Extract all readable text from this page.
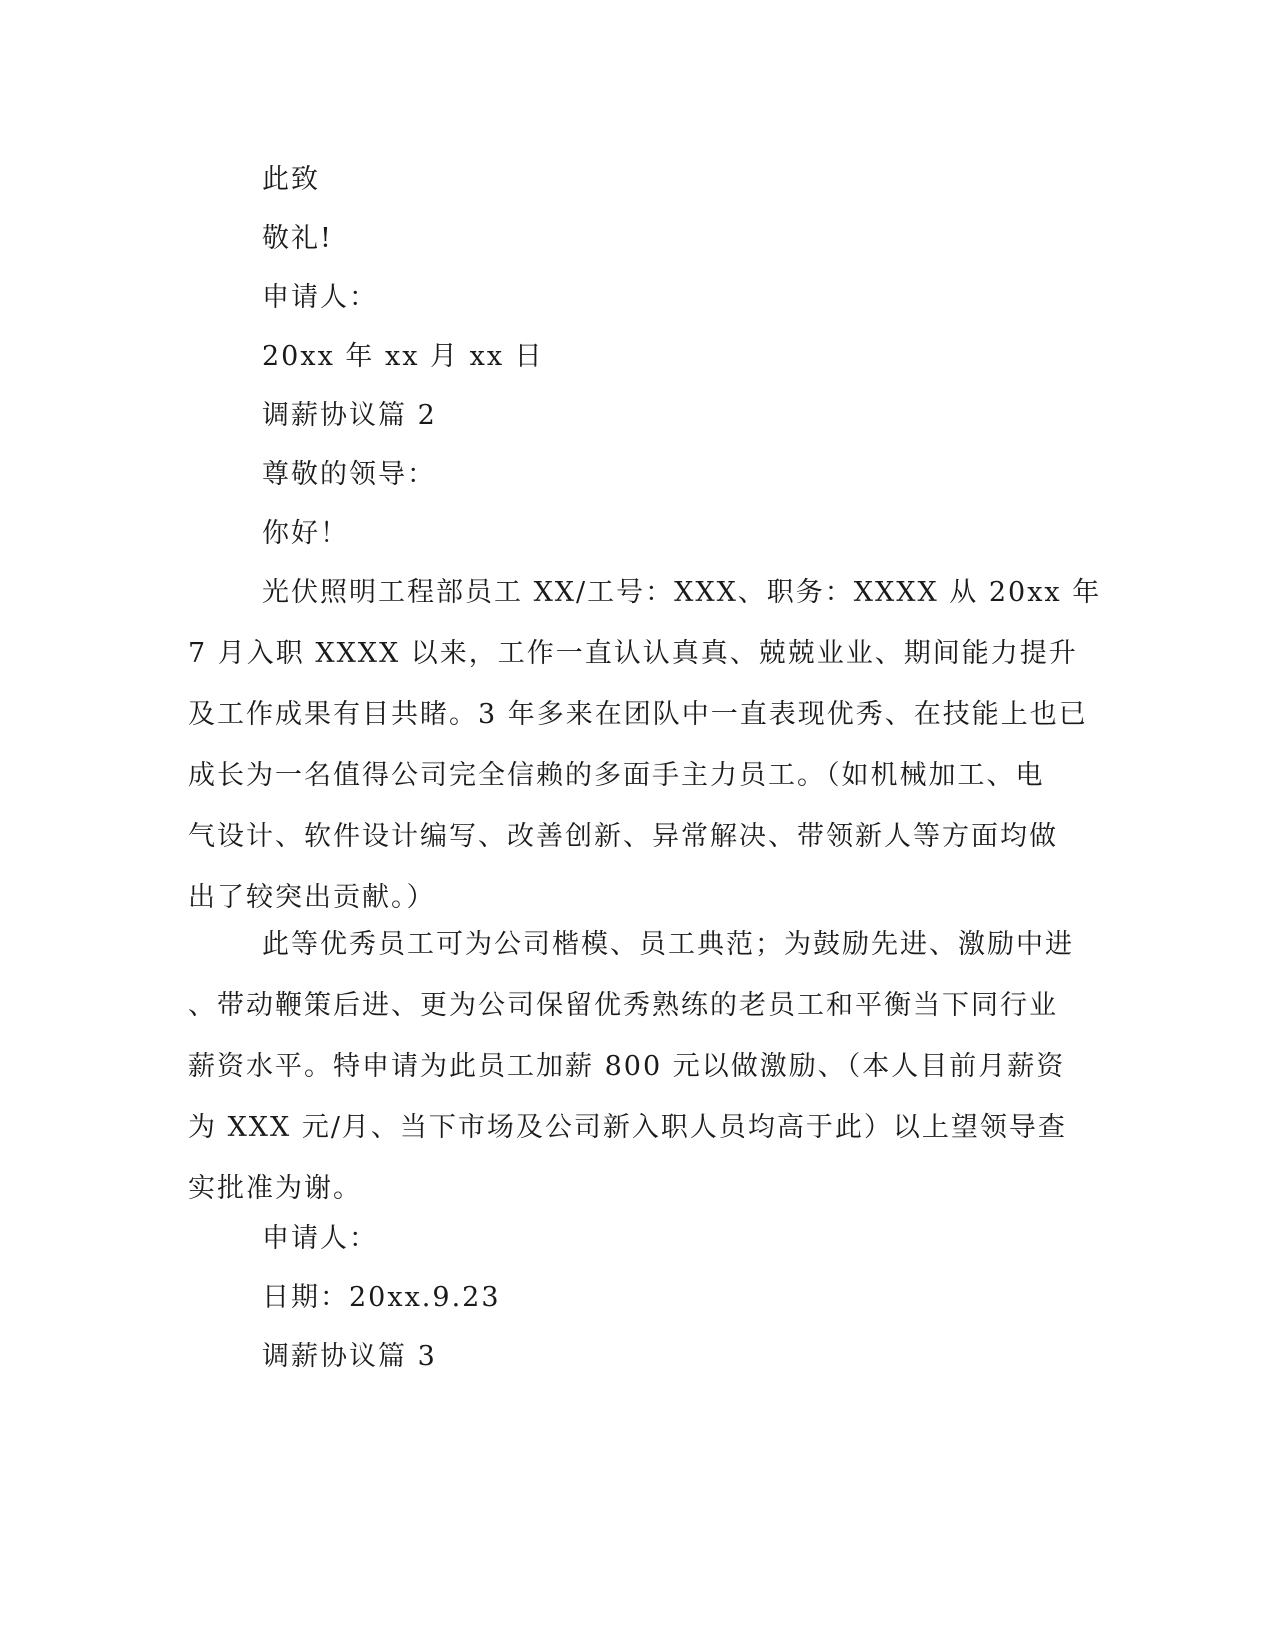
此致
敬礼!
申请人：
20xx 年 xx 月 xx 日
调薪协议篇 2
尊敬的领导：
你好！
光伏照明工程部员工 XX/工号：XXX、职务：XXXX 从 20xx 年
7 月入职 XXXX 以来，工作一直认认真真、兢兢业业、期间能力提升
及工作成果有目共睹。3 年多来在团队中一直表现优秀、在技能上也已
成长为一名值得公司完全信赖的多面手主力员工。（如机械加工、电
气设计、软件设计编写、改善创新、异常解决、带领新人等方面均做
出了较突出贡献。）
此等优秀员工可为公司楷模、员工典范；为鼓励先进、激励中进
、带动鞭策后进、更为公司保留优秀熟练的老员工和平衡当下同行业
薪资水平。特申请为此员工加薪 800 元以做激励、（本人目前月薪资
为 XXX 元/月、当下市场及公司新入职人员均高于此）以上望领导查
实批准为谢。
申请人：
日期：20xx.9.23
调薪协议篇 3
